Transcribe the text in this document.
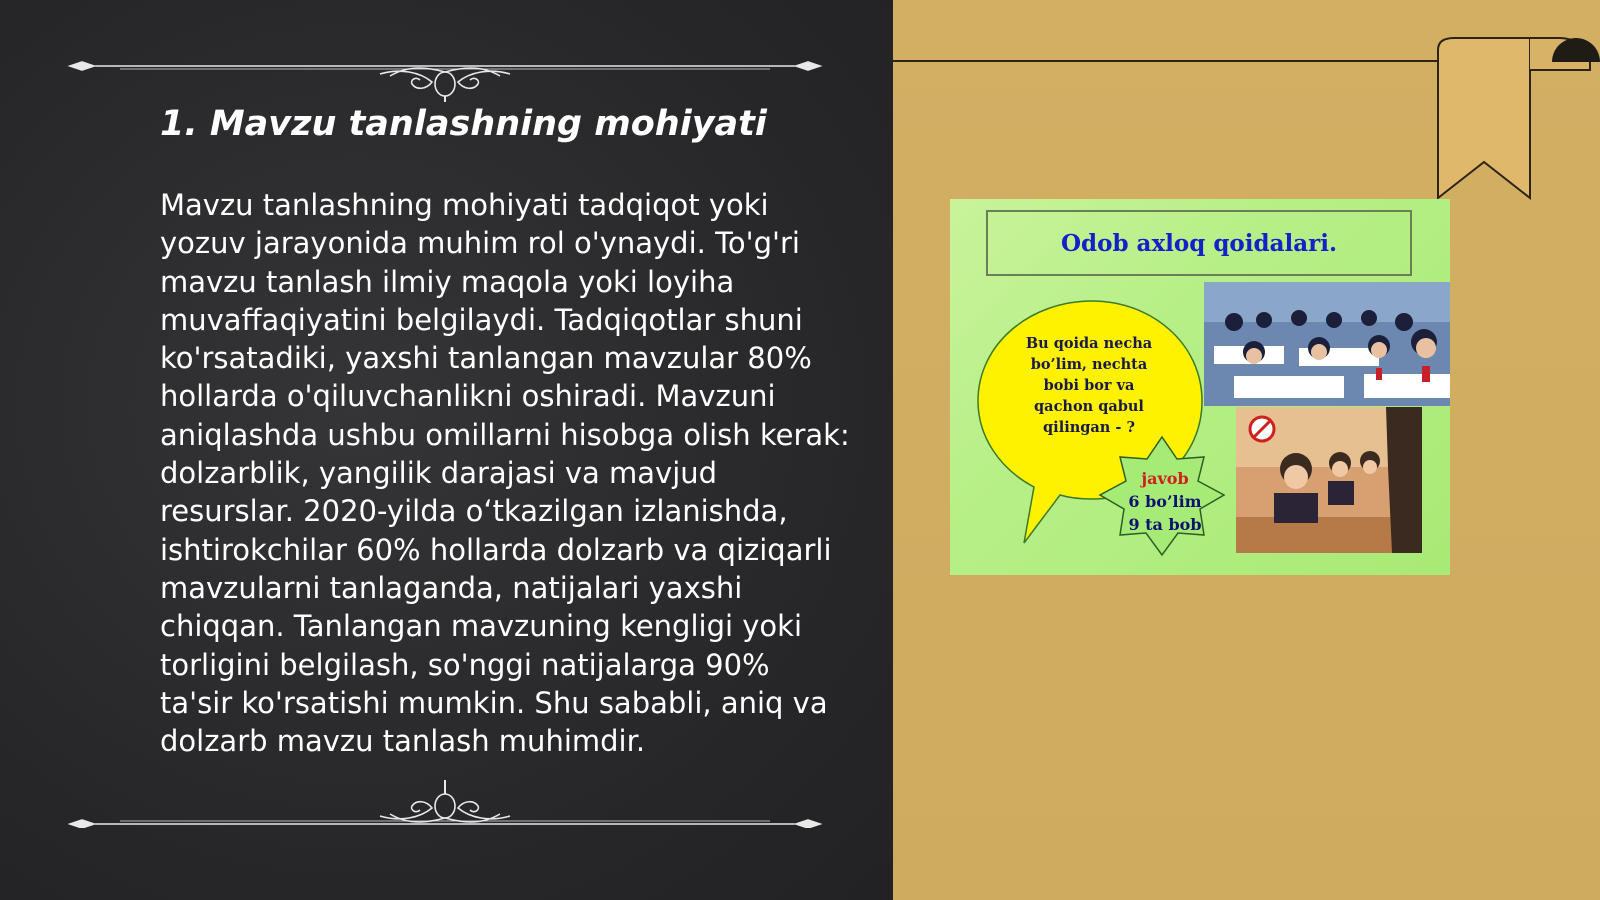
1. Mavzu tanlashning mohiyati

Mavzu tanlashning mohiyati tadqiqot yoki yozuv jarayonida muhim rol o'ynaydi. To'g'ri mavzu tanlash ilmiy maqola yoki loyiha muvaffaqiyatini belgilaydi. Tadqiqotlar shuni ko'rsatadiki, yaxshi tanlangan mavzular 80% hollarda o'qiluvchanlikni oshiradi. Mavzuni aniqlashda ushbu omillarni hisobga olish kerak: dolzarblik, yangilik darajasi va mavjud resurslar. 2020-yilda o‘tkazilgan izlanishda, ishtirokchilar 60% hollarda dolzarb va qiziqarli mavzularni tanlaganda, natijalari yaxshi chiqqan. Tanlangan mavzuning kengligi yoki torligini belgilash, so'nggi natijalarga 90% ta'sir ko'rsatishi mumkin. Shu sababli, aniq va dolzarb mavzu tanlash muhimdir.

Odob axloq qoidalari.
Bu qoida necha bo’lim, nechta bobi bor va qachon qabul qilingan - ?
javob
6 bo’lim
9 ta bob
